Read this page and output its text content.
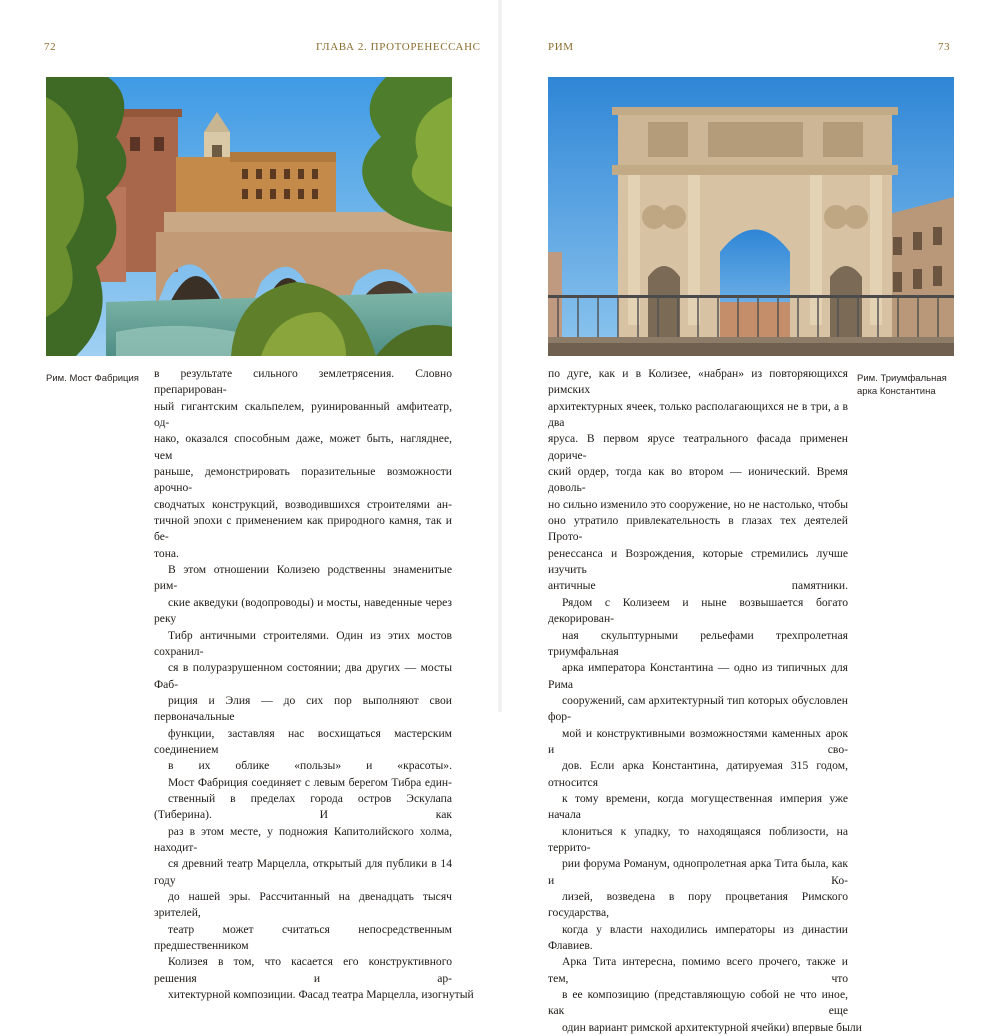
72	ГЛАВА 2. ПРОТОРЕНЕССАНС
Рим. Мост Фабриция	в результате сильного землетрясения. Словно препарирован-
ный гигантским скальпелем, руинированный амфитеатр, од-
нако, оказался способным даже, может быть, нагляднее, чем
раньше, демонстрировать поразительные возможности арочно-
сводчатых конструкций, возводившихся строителями ан-
тичной эпохи с применением как природного камня, так и бе-
тона.

В этом отношении Колизею родственны знаменитые рим-
ские акведуки (водопроводы) и мосты, наведенные через реку
Тибр античными строителями. Один из этих мостов сохранил-
ся в полуразрушенном состоянии; два других — мосты Фаб-
риция и Элия — до сих пор выполняют свои первоначальные
функции, заставляя нас восхищаться мастерским соединением
в их облике «пользы» и «красоты».

Мост Фабриция соединяет с левым берегом Тибра един-
ственный в пределах города остров Эскулапа (Тиберина). И как
раз в этом месте, у подножия Капитолийского холма, находит-
ся древний театр Марцелла, открытый для публики в 14 году
до нашей эры. Рассчитанный на двенадцать тысяч зрителей,
театр может считаться непосредственным предшественником
Колизея в том, что касается его конструктивного решения и ар-
хитектурной композиции. Фасад театра Марцелла, изогнутый

РИМ	73
Рим. Триумфальная арка Константина

по дуге, как и в Колизее, «набран» из повторяющихся римских
архитектурных ячеек, только располагающихся не в три, а в два
яруса. В первом ярусе театрального фасада применен дориче-
ский ордер, тогда как во втором — ионический. Время доволь-
но сильно изменило это сооружение, но не настолько, чтобы
оно утратило привлекательность в глазах тех деятелей Прото-
ренессанса и Возрождения, которые стремились лучше изучить
античные памятники.

Рядом с Колизеем и ныне возвышается богато декорирован-
ная скульптурными рельефами трехпролетная триумфальная
арка императора Константина — одно из типичных для Рима
сооружений, сам архитектурный тип которых обусловлен фор-
мой и конструктивными возможностями каменных арок и сво-
дов. Если арка Константина, датируемая 315 годом, относится
к тому времени, когда могущественная империя уже начала
клониться к упадку, то находящаяся поблизости, на террито-
рии форума Романум, однопролетная арка Тита была, как и Ко-
лизей, возведена в пору процветания Римского государства,
когда у власти находились императоры из династии Флавиев.
Арка Тита интересна, помимо всего прочего, также и тем, что
в ее композицию (представляющую собой не что иное, как еще
один вариант римской архитектурной ячейки) впервые были
